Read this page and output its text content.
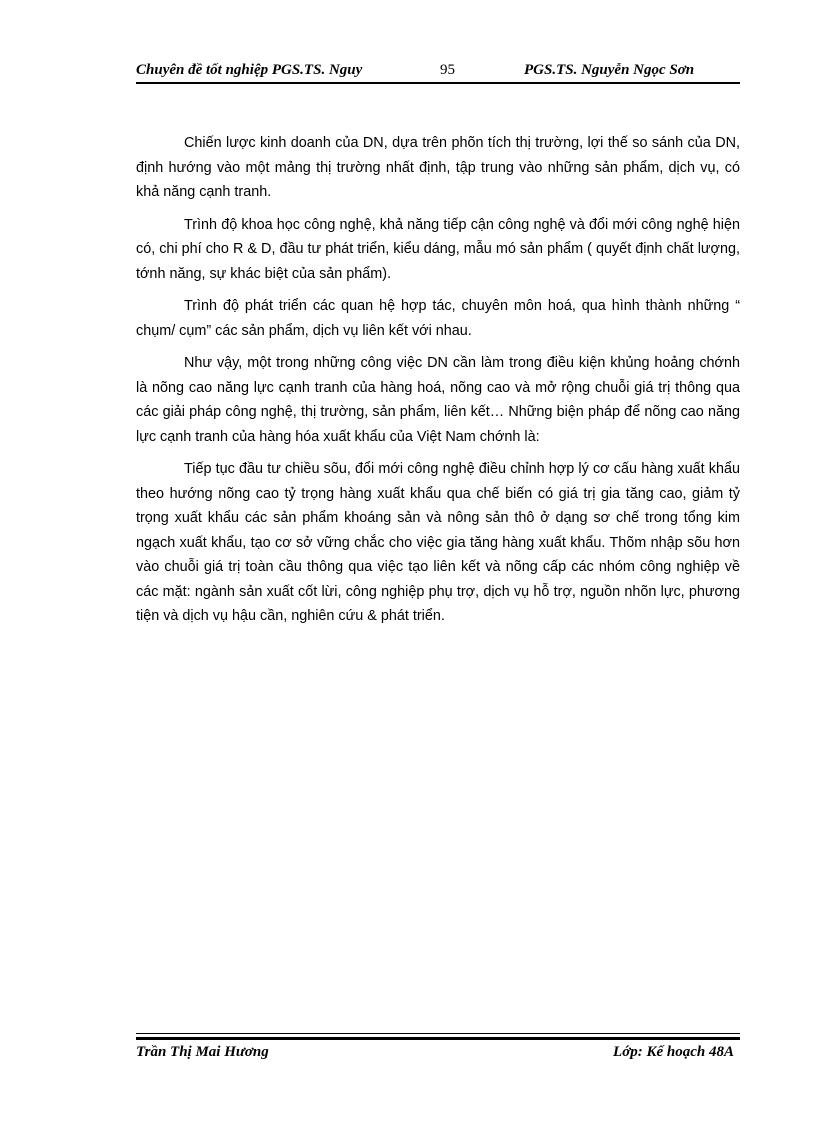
Chuyên đề tốt nghiệp PGS.TS. Nguy	95	PGS.TS. Nguyễn Ngọc Sơn

Chiến lược kinh doanh của DN, dựa trên phõn tích thị trường, lợi thế so sánh của DN, định hướng vào một mảng thị trường nhất định, tập trung vào những sản phẩm, dịch vụ, có khả năng cạnh tranh.

Trình độ khoa học công nghệ, khả năng tiếp cận công nghệ và đổi mới công nghệ hiện có, chi phí cho R & D, đầu tư phát triển, kiểu dáng, mẫu mó sản phẩm ( quyết định chất lượng, tớnh năng, sự khác biệt của sản phẩm).

Trình độ phát triển các quan hệ hợp tác, chuyên môn hoá, qua hình thành những “ chụm/ cụm” các sản phẩm, dịch vụ liên kết với nhau.

Như vậy, một trong những công việc DN cần làm trong điều kiện khủng hoảng chớnh là nõng cao năng lực cạnh tranh của hàng hoá, nõng cao và mở rộng chuỗi giá trị thông qua các giải pháp công nghệ, thị trường, sản phẩm, liên kết… Những biện pháp để nõng cao năng lực cạnh tranh của hàng hóa xuất khẩu của Việt Nam chớnh là:

Tiếp tục đầu tư chiều sõu, đổi mới công nghệ điều chỉnh hợp lý cơ cấu hàng xuất khẩu theo hướng nõng cao tỷ trọng hàng xuất khẩu qua chế biến có giá trị gia tăng cao, giảm tỷ trọng xuất khẩu các sản phẩm khoáng sản và nông sản thô ở dạng sơ chế trong tổng kim ngạch xuất khẩu, tạo cơ sở vững chắc cho việc gia tăng hàng xuất khẩu. Thõm nhập sõu hơn vào chuỗi giá trị toàn cầu thông qua việc tạo liên kết và nõng cấp các nhóm công nghiệp về các mặt: ngành sản xuất cốt lừi, công nghiệp phụ trợ, dịch vụ hỗ trợ, nguồn nhõn lực, phương tiện và dịch vụ hậu cần, nghiên cứu & phát triển.

Trần Thị Mai Hương	Lớp: Kế hoạch 48A
